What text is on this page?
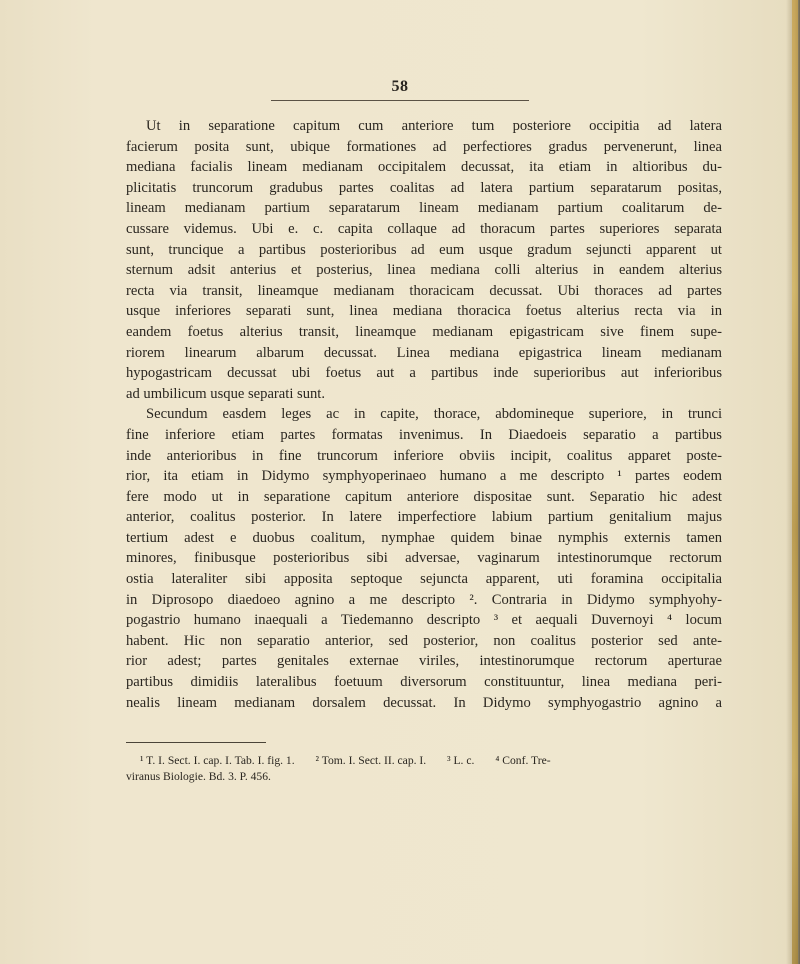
58
Ut in separatione capitum cum anteriore tum posteriore occipitia ad latera
facierum posita sunt, ubique formationes ad perfectiores gradus pervenerunt, linea
mediana facialis lineam medianam occipitalem decussat, ita etiam in altioribus du-
plicitatis truncorum gradubus partes coalitas ad latera partium separatarum positas,
lineam medianam partium separatarum lineam medianam partium coalitarum de-
cussare videmus. Ubi e. c. capita collaque ad thoracum partes superiores separata
sunt, truncique a partibus posterioribus ad eum usque gradum sejuncti apparent ut
sternum adsit anterius et posterius, linea mediana colli alterius in eandem alterius
recta via transit, lineamque medianam thoracicam decussat. Ubi thoraces ad partes
usque inferiores separati sunt, linea mediana thoracica foetus alterius recta via in
eandem foetus alterius transit, lineamque medianam epigastricam sive finem supe-
riorem linearum albarum decussat. Linea mediana epigastrica lineam medianam
hypogastricam decussat ubi foetus aut a partibus inde superioribus aut inferioribus
ad umbilicum usque separati sunt.
Secundum easdem leges ac in capite, thorace, abdomineque superiore, in trunci
fine inferiore etiam partes formatas invenimus. In Diaedoeis separatio a partibus
inde anterioribus in fine truncorum inferiore obviis incipit, coalitus apparet poste-
rior, ita etiam in Didymo symphyoperinaeo humano a me descripto ¹ partes eodem
fere modo ut in separatione capitum anteriore dispositae sunt. Separatio hic adest
anterior, coalitus posterior. In latere imperfectiore labium partium genitalium majus
tertium adest e duobus coalitum, nymphae quidem binae nymphis externis tamen
minores, finibusque posterioribus sibi adversae, vaginarum intestinorumque rectorum
ostia lateraliter sibi apposita septoque sejuncta apparent, uti foramina occipitalia
in Diprosopo diaedoeo agnino a me descripto ². Contraria in Didymo symphyohy-
pogastrio humano inaequali a Tiedemanno descripto ³ et aequali Duvernoyi ⁴ locum
habent. Hic non separatio anterior, sed posterior, non coalitus posterior sed ante-
rior adest; partes genitales externae viriles, intestinorumque rectorum aperturae
partibus dimidiis lateralibus foetuum diversorum constituuntur, linea mediana peri-
nealis lineam medianam dorsalem decussat. In Didymo symphyogastrio agnino a
¹ T. I. Sect. I. cap. I. Tab. I. fig. 1. ² Tom. I. Sect. II. cap. I. ³ L. c. ⁴ Conf. Tre-
viranus Biologie. Bd. 3. P. 456.
